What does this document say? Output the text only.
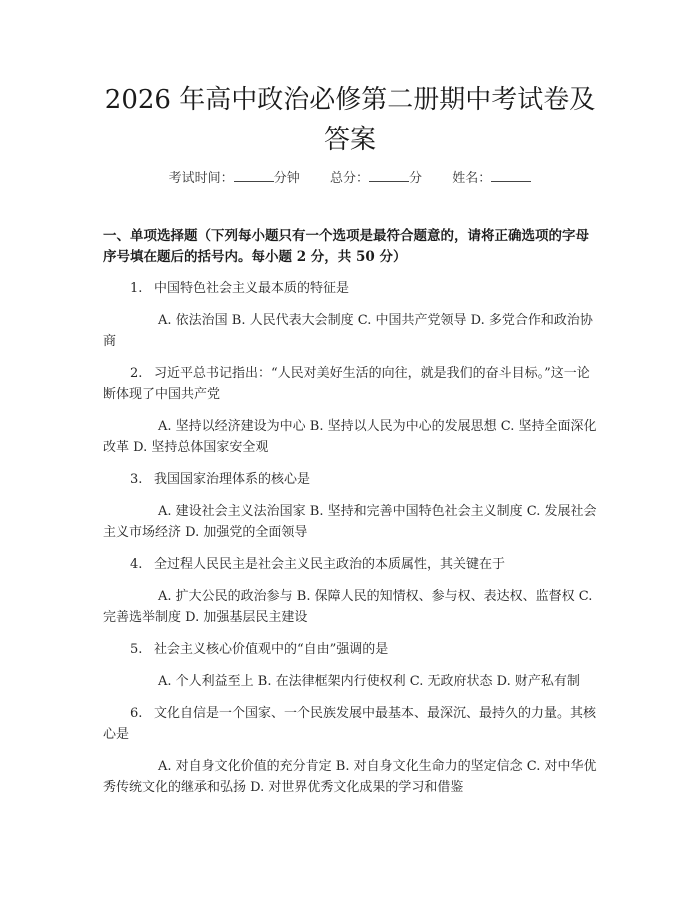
2026 年高中政治必修第二册期中考试卷及答案
考试时间：	分钟 总分：	分 姓名：
一、单项选择题（下列每小题只有一个选项是最符合题意的，请将正确选项的字母序号填在题后的括号内。每小题 2 分，共 50 分）

1. 中国特色社会主义最本质的特征是

A. 依法治国 B. 人民代表大会制度 C. 中国共产党领导 D. 多党合作和政治协商

2. 习近平总书记指出：“人民对美好生活的向往，就是我们的奋斗目标。”这一论断体现了中国共产党

A. 坚持以经济建设为中心 B. 坚持以人民为中心的发展思想 C. 坚持全面深化改革 D. 坚持总体国家安全观

3. 我国国家治理体系的核心是

A. 建设社会主义法治国家 B. 坚持和完善中国特色社会主义制度 C. 发展社会主义市场经济 D. 加强党的全面领导

4. 全过程人民民主是社会主义民主政治的本质属性，其关键在于

A. 扩大公民的政治参与 B. 保障人民的知情权、参与权、表达权、监督权 C. 完善选举制度 D. 加强基层民主建设

5. 社会主义核心价值观中的“自由”强调的是

A. 个人利益至上 B. 在法律框架内行使权利 C. 无政府状态 D. 财产私有制

6. 文化自信是一个国家、一个民族发展中最基本、最深沉、最持久的力量。其核心是

A. 对自身文化价值的充分肯定 B. 对自身文化生命力的坚定信念 C. 对中华优秀传统文化的继承和弘扬 D. 对世界优秀文化成果的学习和借鉴
